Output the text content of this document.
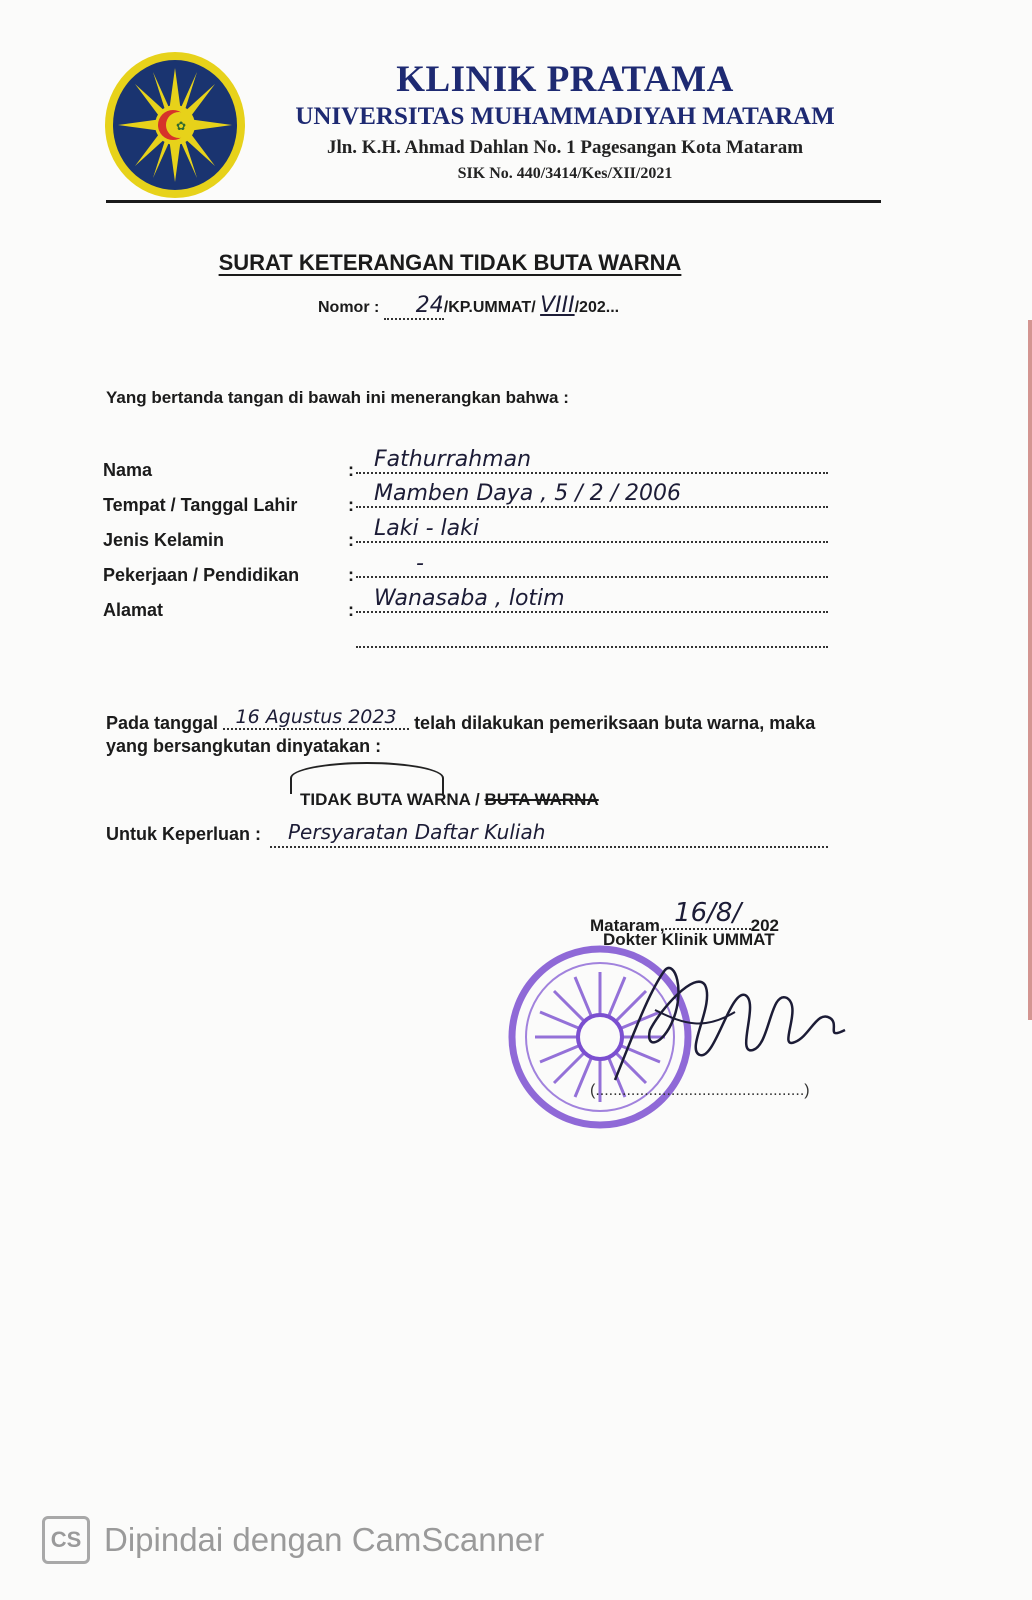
✿
KLINIK PRATAMA
UNIVERSITAS MUHAMMADIYAH MATARAM
Jln. K.H. Ahmad Dahlan No. 1 Pagesangan Kota Mataram
SIK No. 440/3414/Kes/XII/2021
SURAT KETERANGAN TIDAK BUTA WARNA
Nomor : 24/KP.UMMAT/ VIII/202...
Yang bertanda tangan di bawah ini menerangkan bahwa :
Nama	: Fathurrahman
Tempat / Tanggal Lahir	: Mamben Daya , 5 / 2 / 2006
Jenis Kelamin	: Laki - laki
Pekerjaan / Pendidikan	:	-
Alamat	: Wanasaba , lotim
Pada tanggal 16 Agustus 2023 telah dilakukan pemeriksaan buta warna, maka
yang bersangkutan dinyatakan :
TIDAK BUTA WARNA / BUTA WARNA
Untuk Keperluan : Persyaratan Daftar Kuliah
Mataram, 16/8/ 202
Dokter Klinik UMMAT
(...............................................)
CS Dipindai dengan CamScanner
